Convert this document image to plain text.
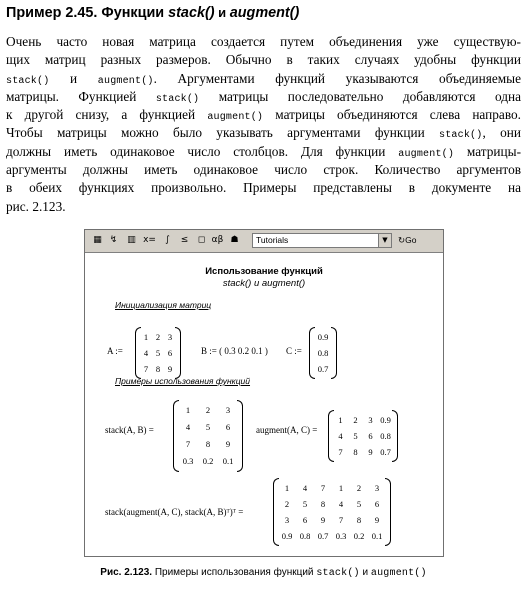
Пример 2.45. Функции stack() и augment()
Очень часто новая матрица создается путем объединения уже существую-
щих матриц разных размеров. Обычно в таких случаях удобны функции
stack() и augment(). Аргументами функций указываются объединяемые
матрицы. Функцией stack() матрицы последовательно добавляются одна
к другой снизу, а функцией augment() матрицы объединяются слева направо.
Чтобы матрицы можно было указывать аргументами функции stack(), они
должны иметь одинаковое число столбцов. Для функции augment() матрицы-
аргументы должны иметь одинаковое число строк. Количество аргументов
в обеих функциях произвольно. Примеры представлены в документе на
рис. 2.123.
Tutorials	▼	↻Go
▦ ↯	▥ x=	∫	≤	◻ αβ ☗
Использование функций
stack() и augment()
Инициализация матриц
Примеры использования функций
A :=	B := ( 0.3 0.2 0.1 ) C :=
stack(A, B) =	augment(A, C) =
stack(augment(A, C), stack(A, B)ᵀ)ᵀ =
1 2 3
4 5 6
7 8 9
0.9
0.8
0.7
1	2	3
4	5	6
7	8	9
0.3	0.2	0.1
1	2	3 0.9
4	5	6 0.8
7	8	9 0.7
1	4	7	1	2	3
2	5	8	4	5	6
3	6	9	7	8	9
0.9 0.8 0.7 0.3 0.2 0.1
Рис. 2.123. Примеры использования функций stack() и augment()
